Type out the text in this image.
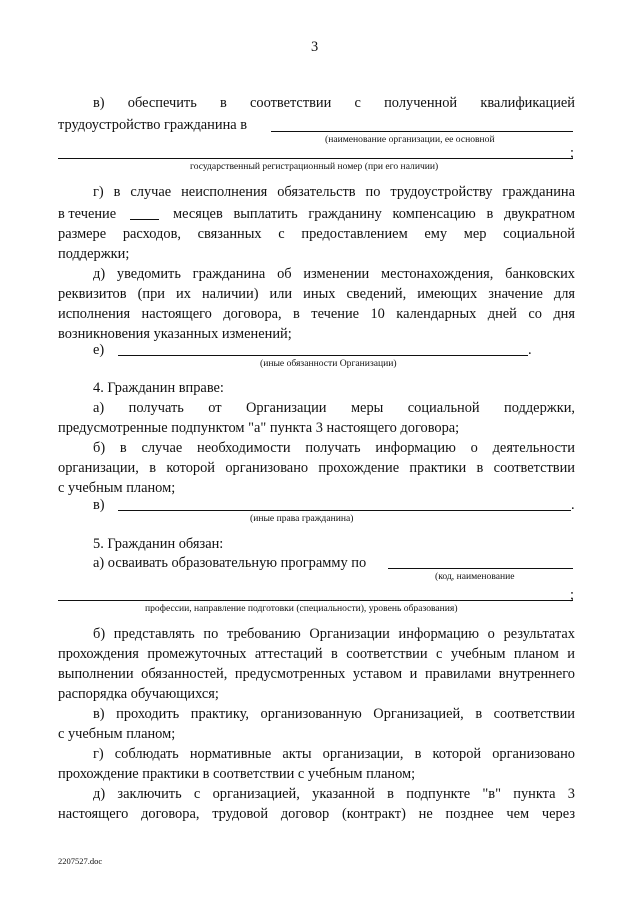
3
в) обеспечить в соответствии с полученной квалификацией
трудоустройство гражданина в
(наименование организации, ее основной
;
государственный регистрационный номер (при его наличии)
г) в случае неисполнения обязательств по трудоустройству гражданина
в течение	месяцев выплатить гражданину компенсацию в двукратном
размере расходов, связанных с предоставлением ему мер социальной
поддержки;
д) уведомить гражданина об изменении местонахождения, банковских
реквизитов (при их наличии) или иных сведений, имеющих значение для
исполнения настоящего договора, в течение 10 календарных дней со дня
возникновения указанных изменений;
е)	.
(иные обязанности Организации)
4. Гражданин вправе:
а) получать от Организации меры социальной поддержки,
предусмотренные подпунктом "а" пункта 3 настоящего договора;
б) в случае необходимости получать информацию о деятельности
организации, в которой организовано прохождение практики в соответствии
с учебным планом;
в)	.
(иные права гражданина)
5. Гражданин обязан:
а) осваивать образовательную программу по
(код, наименование
;
профессии, направление подготовки (специальности), уровень образования)
б) представлять по требованию Организации информацию о результатах
прохождения промежуточных аттестаций в соответствии с учебным планом и
выполнении обязанностей, предусмотренных уставом и правилами внутреннего
распорядка обучающихся;
в) проходить практику, организованную Организацией, в соответствии
с учебным планом;
г) соблюдать нормативные акты организации, в которой организовано
прохождение практики в соответствии с учебным планом;
д) заключить с организацией, указанной в подпункте "в" пункта 3
настоящего договора, трудовой договор (контракт) не позднее чем через
2207527.doc
